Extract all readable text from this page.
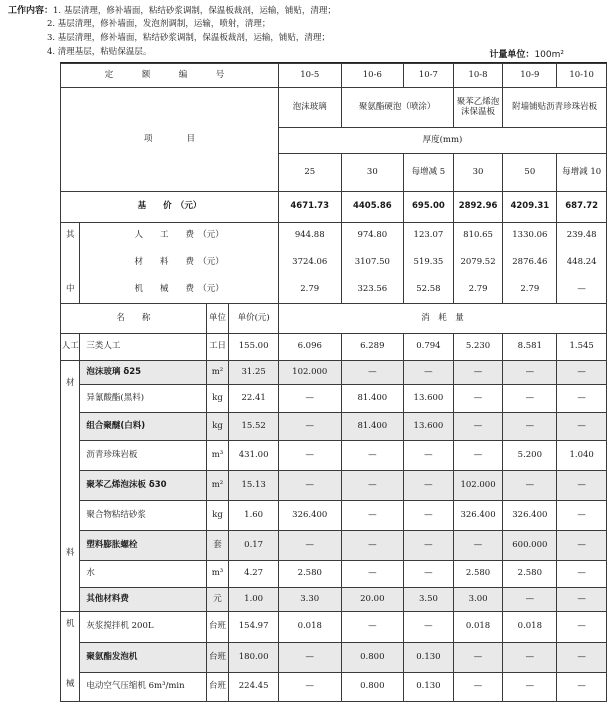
工作内容：1. 基层清理，修补墙面，粘结砂浆调制，保温板裁剖，运输，铺贴，清理；
2. 基层清理，修补墙面，发泡剂调制，运输，喷射，清理；
3. 基层清理，修补墙面，粘结砂浆调制，保温板裁剖，运输，铺贴，清理；
4. 清理基层，粘贴保温层。	计量单位：100m²
定　额　编　号				10-5	10-6	10-7	10-8	10-9	10-10
项　　　　目				泡沫玻璃	聚氨酯硬泡（喷涂）		聚苯乙烯泡沫保温板	附墙铺贴沥青珍珠岩板	
				厚度(mm)					
				25	30	每增减 5	30	50	每增减 10
基　　价　（元）				4671.73	4405.86	695.00	2892.96	4209.31	687.72
其	人　　工　　费　（元）			944.88	974.80	123.07	810.65	1330.06	239.48
	材　　料　　费　（元）			3724.06	3107.50	519.35	2079.52	2876.46	448.24
中	机　　械　　费　（元）			2.79	323.56	52.58	2.79	2.79	—
名　　称		单位	单价(元)	消　耗　量					
人工	三类人工	工日	155.00	6.096	6.289	0.794	5.230	8.581	1.545

材
料	泡沫玻璃 δ25	m²	31.25	102.000	—	—	—	—	—
	异氰酸酯(黑料)	kg	22.41	—	81.400	13.600	—	—	—
	组合聚醚(白料)	kg	15.52	—	81.400	13.600	—	—	—
	沥青珍珠岩板	m³	431.00	—	—	—	—	5.200	1.040
	聚苯乙烯泡沫板 δ30	m²	15.13	—	—	—	102.000	—	—
	聚合物粘结砂浆	kg	1.60	326.400	—	—	326.400	326.400	—
	塑料膨胀螺栓	套	0.17	—	—	—	—	600.000	—
	水	m³	4.27	2.580	—	—	2.580	2.580	—
	其他材料费	元	1.00	3.30	20.00	3.50	3.00	—	—

机
械	灰浆搅拌机 200L	台班	154.97	0.018	—	—	0.018	0.018	—
	聚氨酯发泡机	台班	180.00	—	0.800	0.130	—	—	—
	电动空气压缩机 6m³/min	台班	224.45	—	0.800	0.130	—	—	—
